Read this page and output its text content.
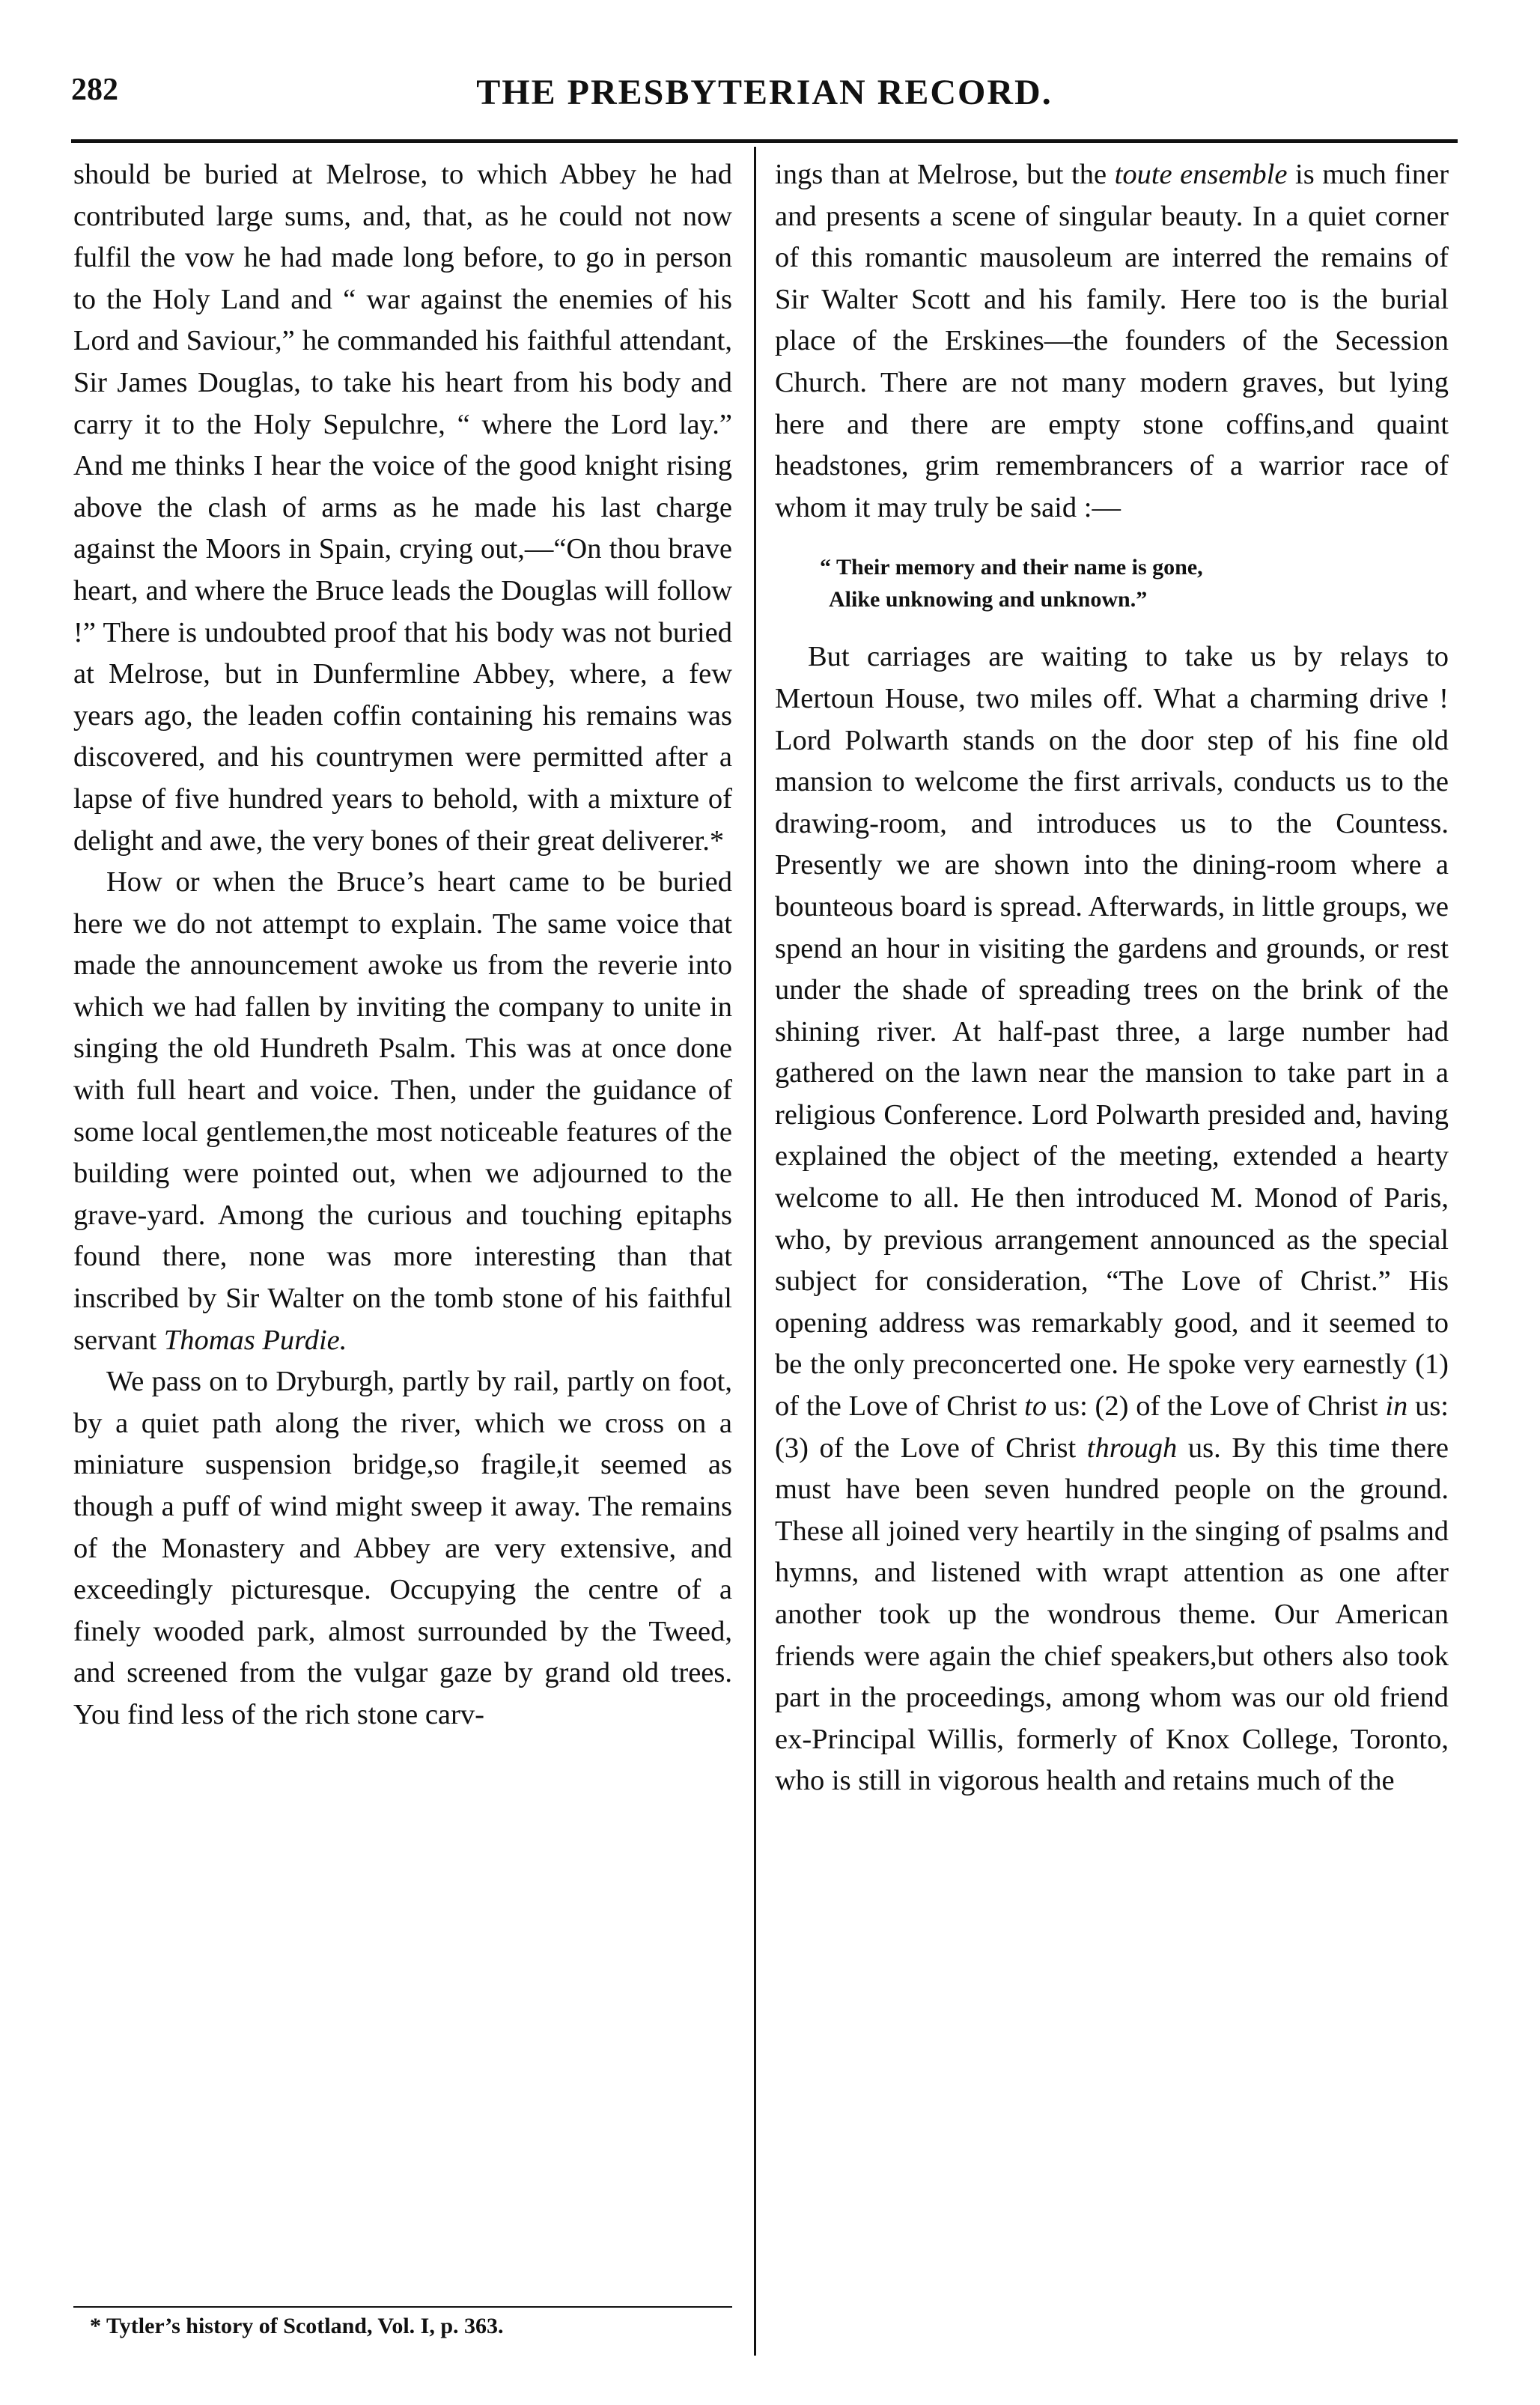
282	THE PRESBYTERIAN RECORD.

should be buried at Melrose, to which Abbey he had contributed large sums, and, that, as he could not now fulfil the vow he had made long before, to go in person to the Holy Land and “ war against the enemies of his Lord and Saviour,” he commanded his faithful attendant, Sir James Douglas, to take his heart from his body and carry it to the Holy Sepulchre, “ where the Lord lay.” And me thinks I hear the voice of the good knight rising above the clash of arms as he made his last charge against the Moors in Spain, crying out,—“On thou brave heart, and where the Bruce leads the Douglas will follow !” There is undoubted proof that his body was not buried at Melrose, but in Dunfermline Abbey, where, a few years ago, the leaden coffin containing his remains was discovered, and his countrymen were permitted after a lapse of five hundred years to behold, with a mixture of delight and awe, the very bones of their great deliverer.*

How or when the Bruce’s heart came to be buried here we do not attempt to explain. The same voice that made the announcement awoke us from the reverie into which we had fallen by inviting the company to unite in singing the old Hundreth Psalm. This was at once done with full heart and voice. Then, under the guidance of some local gentlemen,the most noticeable features of the building were pointed out, when we adjourned to the grave-yard. Among the curious and touching epitaphs found there, none was more interesting than that inscribed by Sir Walter on the tomb stone of his faithful servant Thomas Purdie.

We pass on to Dryburgh, partly by rail, partly on foot, by a quiet path along the river, which we cross on a miniature suspension bridge,so fragile,it seemed as though a puff of wind might sweep it away. The remains of the Monastery and Abbey are very extensive, and exceedingly picturesque. Occupying the centre of a finely wooded park, almost surrounded by the Tweed, and screened from the vulgar gaze by grand old trees. You find less of the rich stone carv-

ings than at Melrose, but the toute ensemble is much finer and presents a scene of singular beauty. In a quiet corner of this romantic mausoleum are interred the remains of Sir Walter Scott and his family. Here too is the burial place of the Erskines—the founders of the Secession Church. There are not many modern graves, but lying here and there are empty stone coffins,and quaint headstones, grim remembrancers of a warrior race of whom it may truly be said :—

“ Their memory and their name is gone,
Alike unknowing and unknown.”

But carriages are waiting to take us by relays to Mertoun House, two miles off. What a charming drive ! Lord Polwarth stands on the door step of his fine old mansion to welcome the first arrivals, conducts us to the drawing-room, and introduces us to the Countess. Presently we are shown into the dining-room where a bounteous board is spread. Afterwards, in little groups, we spend an hour in visiting the gardens and grounds, or rest under the shade of spreading trees on the brink of the shining river. At half-past three, a large number had gathered on the lawn near the mansion to take part in a religious Conference. Lord Polwarth presided and, having explained the object of the meeting, extended a hearty welcome to all. He then introduced M. Monod of Paris, who, by previous arrangement announced as the special subject for consideration, “The Love of Christ.” His opening address was remarkably good, and it seemed to be the only preconcerted one. He spoke very earnestly (1) of the Love of Christ to us: (2) of the Love of Christ in us: (3) of the Love of Christ through us. By this time there must have been seven hundred people on the ground. These all joined very heartily in the singing of psalms and hymns, and listened with wrapt attention as one after another took up the wondrous theme. Our American friends were again the chief speakers,but others also took part in the proceedings, among whom was our old friend ex-Principal Willis, formerly of Knox College, Toronto, who is still in vigorous health and retains much of the

* Tytler’s history of Scotland, Vol. I, p. 363.
